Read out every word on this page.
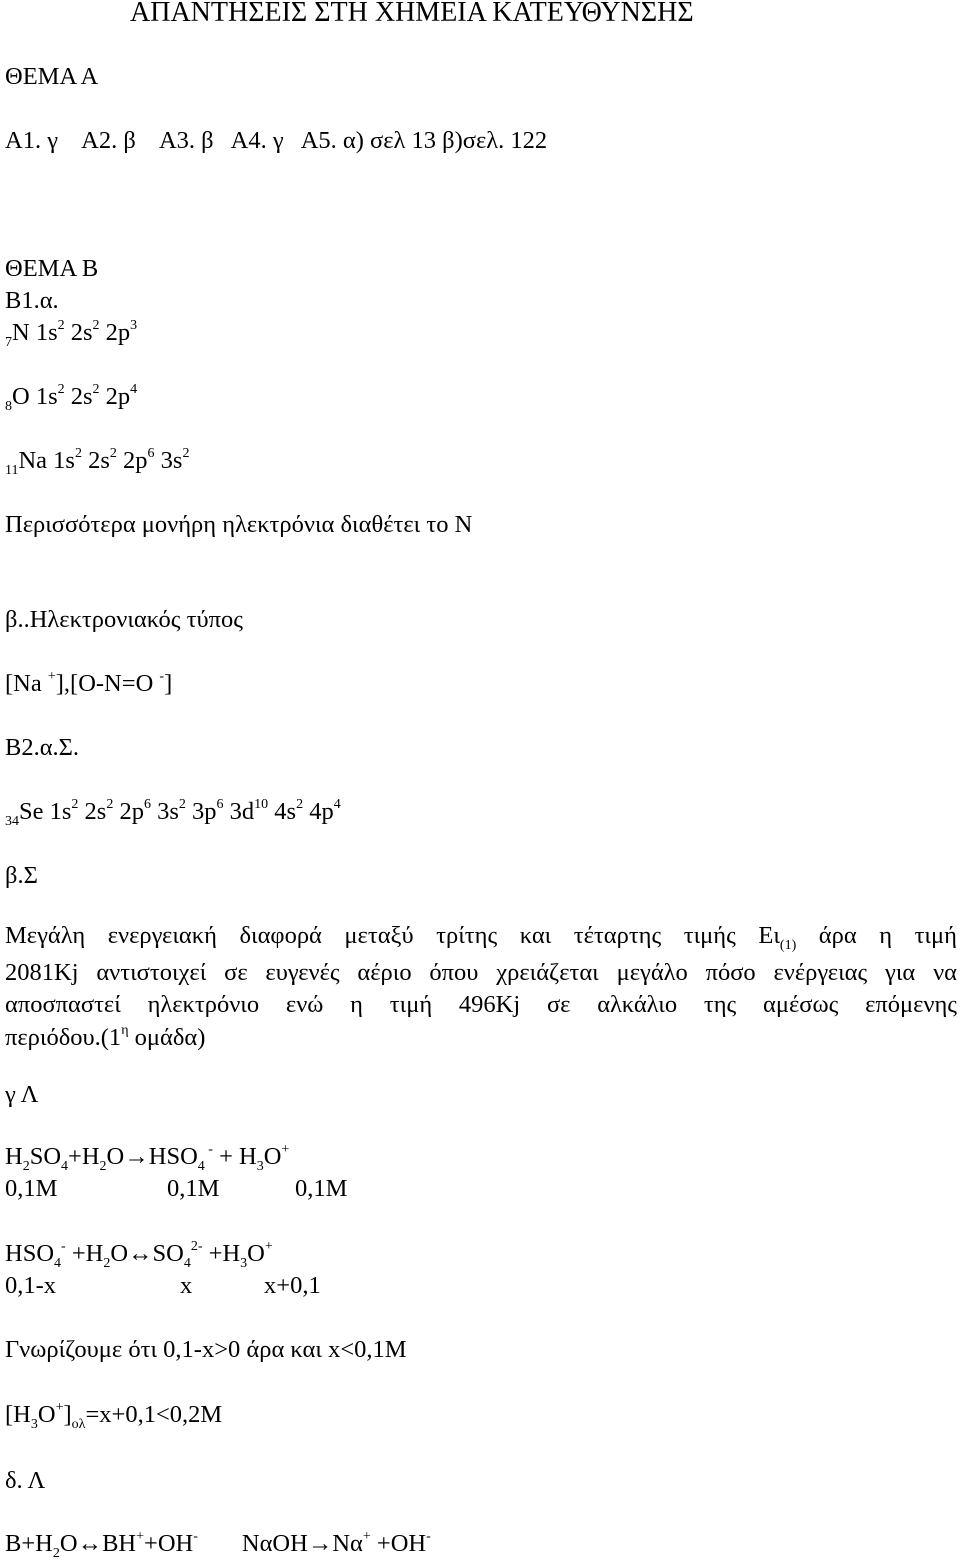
ΑΠΑΝΤΗΣΕΙΣ ΣΤΗ ΧΗΜΕΙΑ ΚΑΤΕΥΘΥΝΣΗΣ
ΘΕΜΑ Α
Α1. γ    Α2. β    Α3. β   Α4. γ   Α5. α) σελ 13 β)σελ. 122
ΘΕΜΑ Β
Β1.α.
$_7$N $1s^2$ $2s^2$ $2p^3$
$_8$O $1s^2$ $2s^2$ $2p^4$
$_{11}$Na $1s^2$ $2s^2$ $2p^6$ $3s^2$
Περισσότερα μονήρη ηλεκτρόνια διαθέτει το Ν
β..Ηλεκτρονιακός τύπος
[Na +],[O-N=O -]
Β2.α.Σ.
$_{34}$Se $1s^2$ $2s^2$ $2p^6$ $3s^2$ $3p^6$ $3d^{10}$ $4s^2$ $4p^4$
β.Σ
Μεγάλη ενεργειακή διαφορά μεταξύ τρίτης και τέταρτης τιμής $E\iota_{(1)}$ άρα η τιμή
2081Kj αντιστοιχεί σε ευγενές αέριο όπου χρειάζεται μεγάλο πόσο ενέργειας για να
αποσπαστεί ηλεκτρόνιο ενώ η τιμή 496Kj σε αλκάλιο της αμέσως επόμενης
$\pi\varepsilon\rho\iota ό\delta o\upsilon.(1^\eta$ ομάδα)
γ Λ
$H_2SO_4+H_2O\to HSO_4$ $^- + H_3O^+$
0,1M	0,1M	0,1M
$HSO_4^-$ $+H_2O\leftrightarrow SO_4^{2-} +H_3O^+$
0,1-x	x	x+0,1
Γνωρίζουμε ότι 0,1-x>0 άρα και x<0,1M
$[H_3O^+]_{o\lambda}=x+0,1<0,2M$
δ. Λ
$B+H_2O\leftrightarrow BH^++OH^-$ NαOH→Nα+ +OH-
